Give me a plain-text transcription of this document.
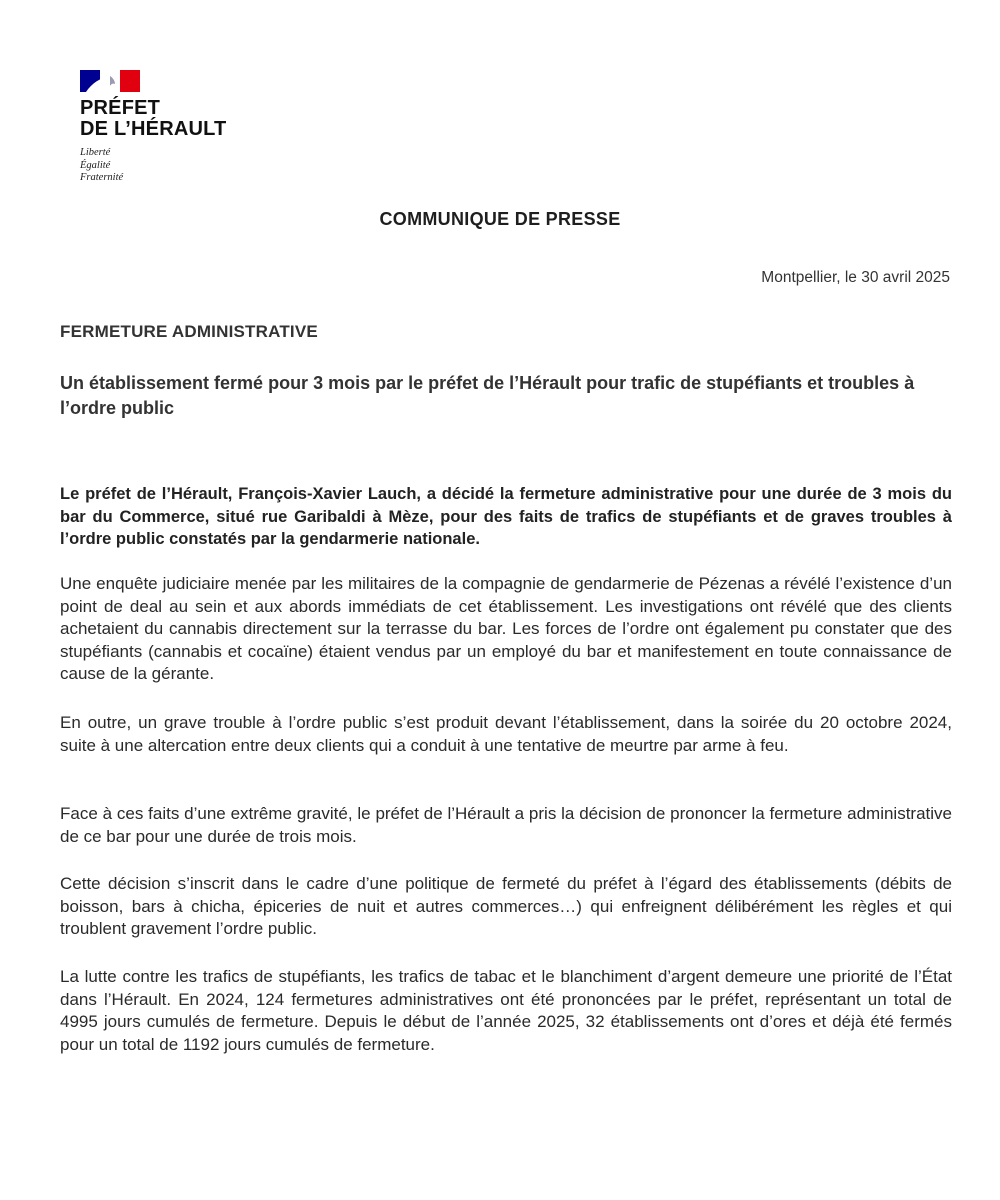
PRÉFET
DE L’HÉRAULT
Liberté
Égalité
Fraternité
COMMUNIQUE DE PRESSE
Montpellier, le 30 avril 2025
FERMETURE ADMINISTRATIVE
Un établissement fermé pour 3 mois par le préfet de l’Hérault pour trafic de stupéfiants et troubles à l’ordre public
Le préfet de l’Hérault, François-Xavier Lauch, a décidé la fermeture administrative pour une durée de 3 mois du bar du Commerce, situé rue Garibaldi à Mèze, pour des faits de trafics de stupéfiants et de graves troubles à l’ordre public constatés par la gendarmerie nationale.
Une enquête judiciaire menée par les militaires de la compagnie de gendarmerie de Pézenas a révélé l’existence d’un point de deal au sein et aux abords immédiats de cet établissement. Les investigations ont révélé que des clients achetaient du cannabis directement sur la terrasse du bar. Les forces de l’ordre ont également pu constater que des stupéfiants (cannabis et cocaïne) étaient vendus par un employé du bar et manifestement en toute connaissance de cause de la gérante.
En outre, un grave trouble à l’ordre public s’est produit devant l’établissement, dans la soirée du 20 octobre 2024, suite à une altercation entre deux clients qui a conduit à une tentative de meurtre par arme à feu.
Face à ces faits d’une extrême gravité, le préfet de l’Hérault a pris la décision de prononcer la fermeture administrative de ce bar pour une durée de trois mois.
Cette décision s’inscrit dans le cadre d’une politique de fermeté du préfet à l’égard des établissements (débits de boisson, bars à chicha, épiceries de nuit et autres commerces…) qui enfreignent délibérément les règles et qui troublent gravement l’ordre public.
La lutte contre les trafics de stupéfiants, les trafics de tabac et le blanchiment d’argent demeure une priorité de l’État dans l’Hérault. En 2024, 124 fermetures administratives ont été prononcées par le préfet, représentant un total de 4995 jours cumulés de fermeture. Depuis le début de l’année 2025, 32 établissements ont d’ores et déjà été fermés pour un total de 1192 jours cumulés de fermeture.
